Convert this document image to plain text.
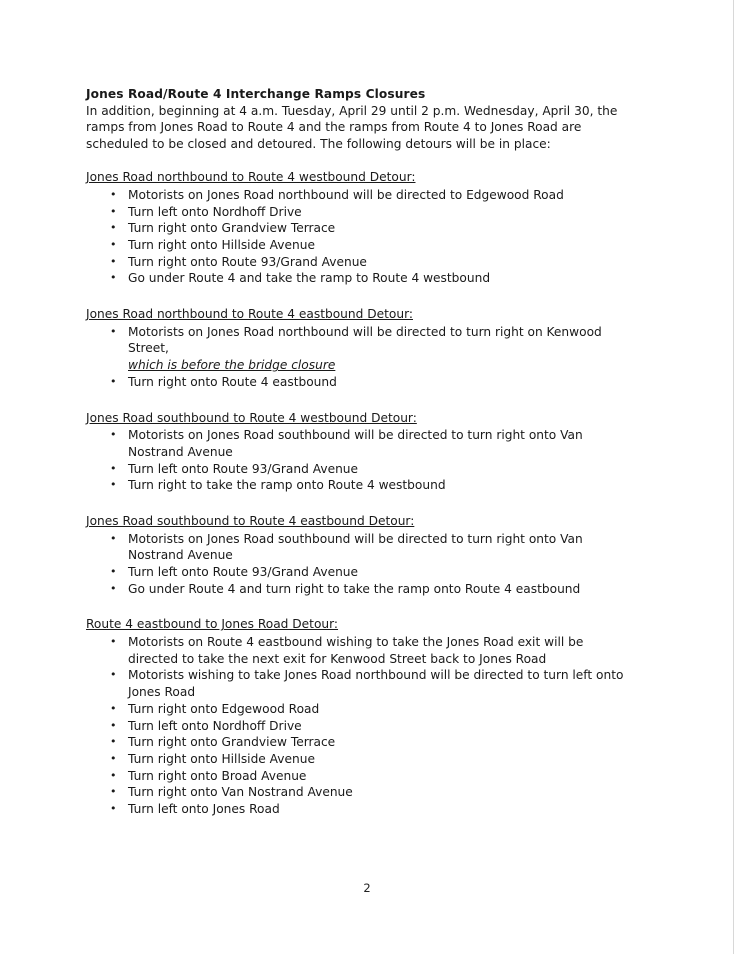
Jones Road/Route 4 Interchange Ramps Closures

In addition, beginning at 4 a.m. Tuesday, April 29 until 2 p.m. Wednesday, April 30, the ramps from Jones Road to Route 4 and the ramps from Route 4 to Jones Road are scheduled to be closed and detoured. The following detours will be in place:

Jones Road northbound to Route 4 westbound Detour:
• Motorists on Jones Road northbound will be directed to Edgewood Road
• Turn left onto Nordhoff Drive
• Turn right onto Grandview Terrace
• Turn right onto Hillside Avenue
• Turn right onto Route 93/Grand Avenue
• Go under Route 4 and take the ramp to Route 4 westbound
Jones Road northbound to Route 4 eastbound Detour:
• Motorists on Jones Road northbound will be directed to turn right on Kenwood Street,
which is before the bridge closure
• Turn right onto Route 4 eastbound
Jones Road southbound to Route 4 westbound Detour:
• Motorists on Jones Road southbound will be directed to turn right onto Van Nostrand Avenue
• Turn left onto Route 93/Grand Avenue
• Turn right to take the ramp onto Route 4 westbound
Jones Road southbound to Route 4 eastbound Detour:
• Motorists on Jones Road southbound will be directed to turn right onto Van Nostrand Avenue
• Turn left onto Route 93/Grand Avenue
• Go under Route 4 and turn right to take the ramp onto Route 4 eastbound
Route 4 eastbound to Jones Road Detour:
• Motorists on Route 4 eastbound wishing to take the Jones Road exit will be directed to take the next exit for Kenwood Street back to Jones Road
• Motorists wishing to take Jones Road northbound will be directed to turn left onto Jones Road
• Turn right onto Edgewood Road
• Turn left onto Nordhoff Drive
• Turn right onto Grandview Terrace
• Turn right onto Hillside Avenue
• Turn right onto Broad Avenue
• Turn right onto Van Nostrand Avenue
• Turn left onto Jones Road
2
